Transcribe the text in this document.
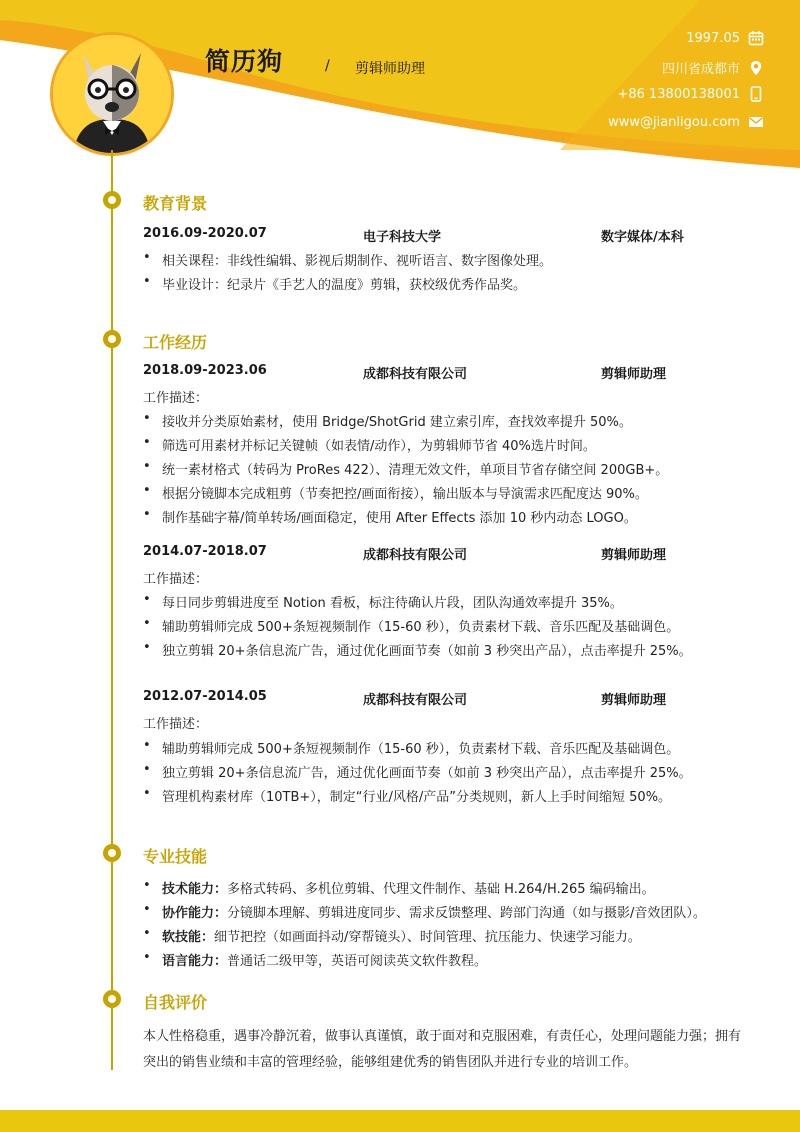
简历狗	/ 剪辑师助理
1997.05
四川省成都市
+86 13800138001
www@jianligou.com
教育背景
2016.09-2020.07	电子科技大学	数字媒体/本科
• 相关课程：非线性编辑、影视后期制作、视听语言、数字图像处理。
• 毕业设计：纪录片《手艺人的温度》剪辑，获校级优秀作品奖。
工作经历
2018.09-2023.06	成都科技有限公司	剪辑师助理
工作描述：
• 接收并分类原始素材，使用 Bridge/ShotGrid 建立索引库，查找效率提升 50%。
• 筛选可用素材并标记关键帧（如表情/动作），为剪辑师节省 40%选片时间。
• 统一素材格式（转码为 ProRes 422）、清理无效文件，单项目节省存储空间 200GB+。
• 根据分镜脚本完成粗剪（节奏把控/画面衔接），输出版本与导演需求匹配度达 90%。
• 制作基础字幕/简单转场/画面稳定，使用 After Effects 添加 10 秒内动态 LOGO。
2014.07-2018.07	成都科技有限公司	剪辑师助理
工作描述：
• 每日同步剪辑进度至 Notion 看板，标注待确认片段，团队沟通效率提升 35%。
• 辅助剪辑师完成 500+条短视频制作（15-60 秒），负责素材下载、音乐匹配及基础调色。
• 独立剪辑 20+条信息流广告，通过优化画面节奏（如前 3 秒突出产品），点击率提升 25%。
2012.07-2014.05	成都科技有限公司	剪辑师助理
工作描述：
• 辅助剪辑师完成 500+条短视频制作（15-60 秒），负责素材下载、音乐匹配及基础调色。
• 独立剪辑 20+条信息流广告，通过优化画面节奏（如前 3 秒突出产品），点击率提升 25%。
• 管理机构素材库（10TB+），制定“行业/风格/产品”分类规则，新人上手时间缩短 50%。
专业技能
• 技术能力：多格式转码、多机位剪辑、代理文件制作、基础 H.264/H.265 编码输出。
• 协作能力：分镜脚本理解、剪辑进度同步、需求反馈整理、跨部门沟通（如与摄影/音效团队）。
• 软技能：细节把控（如画面抖动/穿帮镜头）、时间管理、抗压能力、快速学习能力。
• 语言能力：普通话二级甲等，英语可阅读英文软件教程。
自我评价
本人性格稳重，遇事冷静沉着，做事认真谨慎，敢于面对和克服困难，有责任心，处理问题能力强；拥有突出的销售业绩和丰富的管理经验，能够组建优秀的销售团队并进行专业的培训工作。
